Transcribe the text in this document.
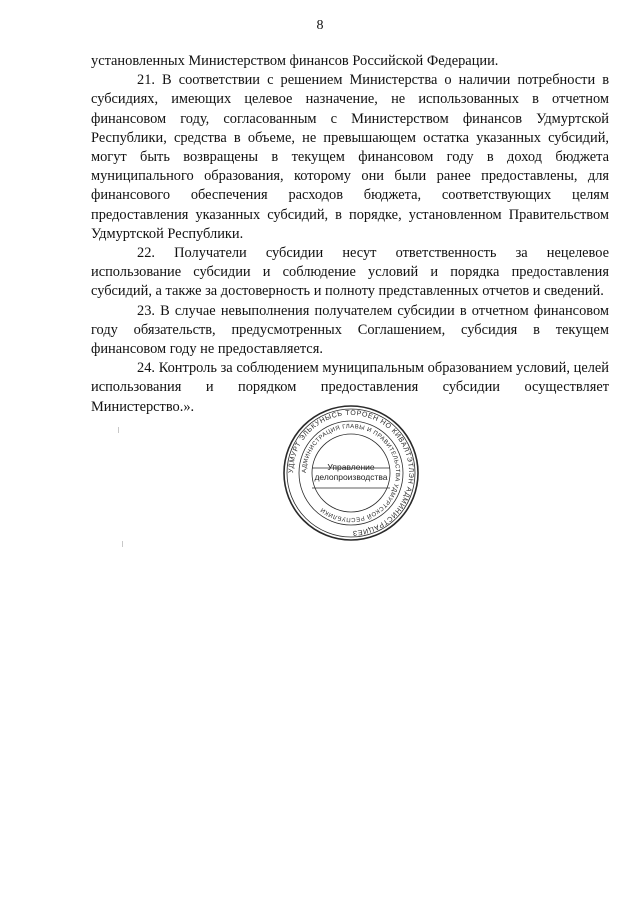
8

установленных Министерством финансов Российской Федерации.

21. В соответствии с решением Министерства о наличии потребности в субсидиях, имеющих целевое назначение, не использованных в отчетном финансовом году, согласованным с Министерством финансов Удмуртской Республики, средства в объеме, не превышающем остатка указанных субсидий, могут быть возвращены в текущем финансовом году в доход бюджета муниципального образования, которому они были ранее предоставлены, для финансового обеспечения расходов бюджета, соответствующих целям предоставления указанных субсидий, в порядке, установленном Правительством Удмуртской Республики.

22. Получатели субсидии несут ответственность за нецелевое использование субсидии и соблюдение условий и порядка предоставления субсидий, а также за достоверность и полноту представленных отчетов и сведений.

23. В случае невыполнения получателем субсидии в отчетном финансовом году обязательств, предусмотренных Соглашением, субсидия в текущем финансовом году не предоставляется.

24. Контроль за соблюдением муниципальным образованием условий, целей использования и порядком предоставления субсидии осуществляет Министерство.».

УДМУРТ ЭЛЬКУНЫСЬ ТӦРОЕН НО КИВАЛТЭТЛЭН АДМИНИСТРАЦИЕЗ
АДМИНИСТРАЦИЯ ГЛАВЫ И ПРАВИТЕЛЬСТВА УДМУРТСКОЙ РЕСПУБЛИКИ
Управление
делопроизводства
